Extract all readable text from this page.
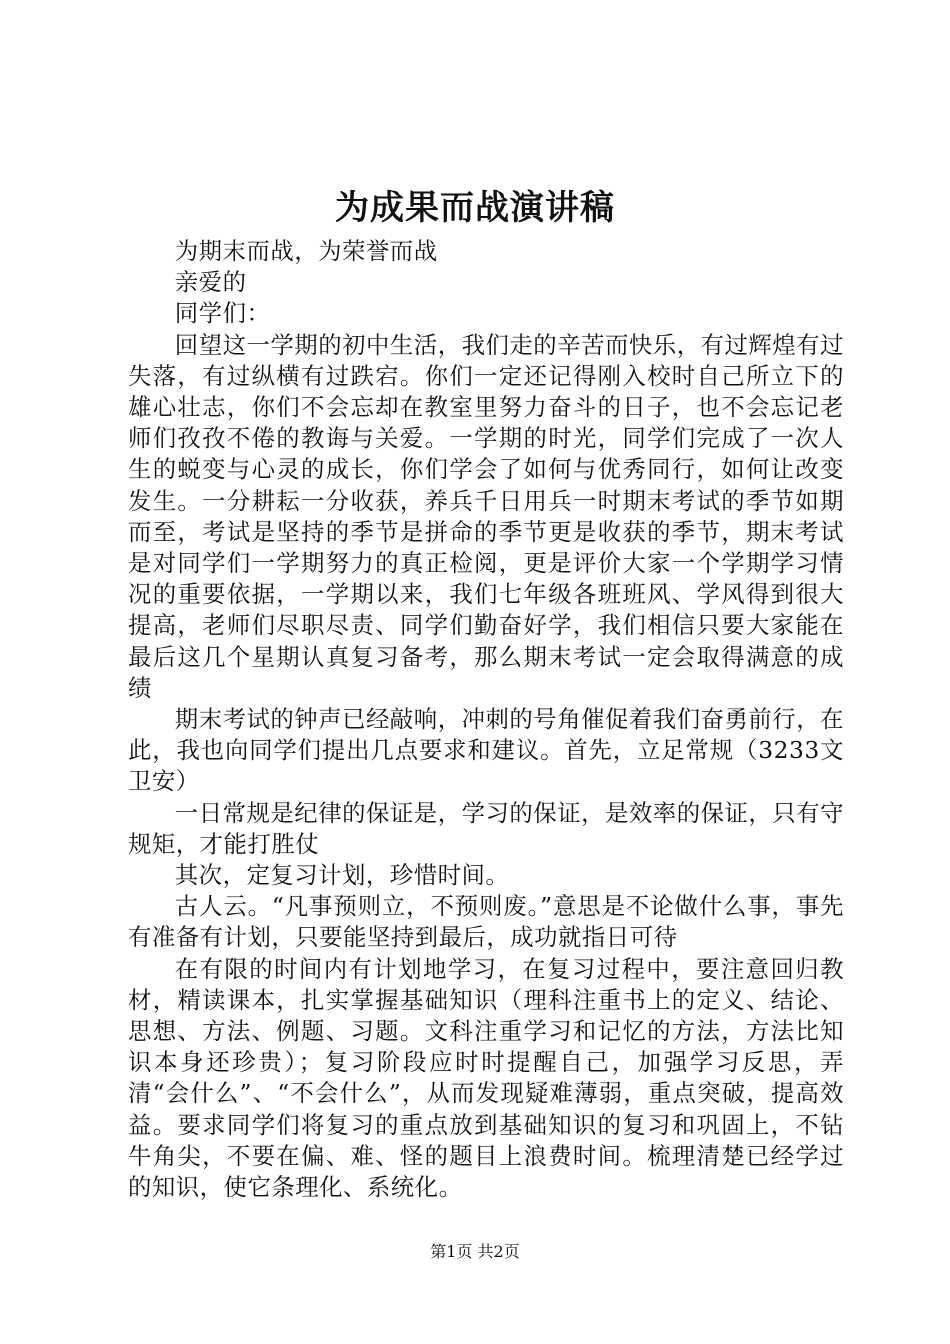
为成果而战演讲稿

为期末而战，为荣誉而战

亲爱的

同学们：

回望这一学期的初中生活，我们走的辛苦而快乐，有过辉煌有过失落，有过纵横有过跌宕。你们一定还记得刚入校时自己所立下的雄心壮志，你们不会忘却在教室里努力奋斗的日子，也不会忘记老师们孜孜不倦的教诲与关爱。一学期的时光，同学们完成了一次人生的蜕变与心灵的成长，你们学会了如何与优秀同行，如何让改变发生。一分耕耘一分收获，养兵千日用兵一时期末考试的季节如期而至，考试是坚持的季节是拼命的季节更是收获的季节，期末考试是对同学们一学期努力的真正检阅，更是评价大家一个学期学习情况的重要依据，一学期以来，我们七年级各班班风、学风得到很大提高，老师们尽职尽责、同学们勤奋好学，我们相信只要大家能在最后这几个星期认真复习备考，那么期末考试一定会取得满意的成绩

期末考试的钟声已经敲响，冲刺的号角催促着我们奋勇前行，在此，我也向同学们提出几点要求和建议。首先，立足常规（3233文卫安）

一日常规是纪律的保证是，学习的保证，是效率的保证，只有守规矩，才能打胜仗

其次，定复习计划，珍惜时间。

古人云。“凡事预则立，不预则废。”意思是不论做什么事，事先有准备有计划，只要能坚持到最后，成功就指日可待

在有限的时间内有计划地学习，在复习过程中，要注意回归教材，精读课本，扎实掌握基础知识（理科注重书上的定义、结论、思想、方法、例题、习题。文科注重学习和记忆的方法，方法比知识本身还珍贵）；复习阶段应时时提醒自己，加强学习反思，弄清“会什么”、“不会什么”，从而发现疑难薄弱，重点突破，提高效益。要求同学们将复习的重点放到基础知识的复习和巩固上，不钻牛角尖，不要在偏、难、怪的题目上浪费时间。梳理清楚已经学过的知识，使它条理化、系统化。

第1页 共2页
